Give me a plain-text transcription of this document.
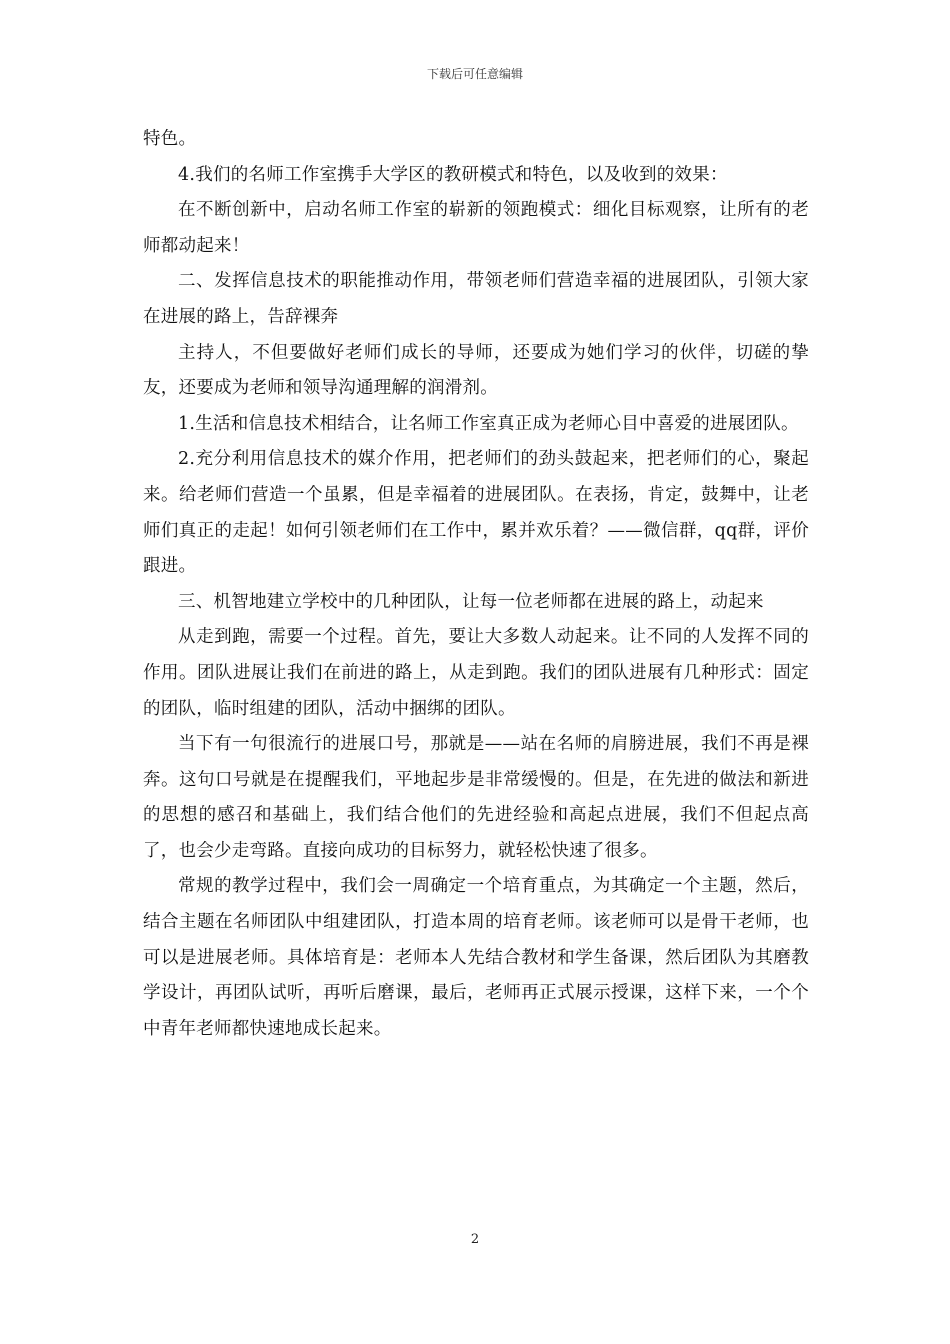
下载后可任意编辑

特色。

4.我们的名师工作室携手大学区的教研模式和特色，以及收到的效果：

在不断创新中，启动名师工作室的崭新的领跑模式：细化目标观察，让所有的老师都动起来！

二、发挥信息技术的职能推动作用，带领老师们营造幸福的进展团队，引领大家在进展的路上，告辞裸奔

主持人，不但要做好老师们成长的导师，还要成为她们学习的伙伴，切磋的挚友，还要成为老师和领导沟通理解的润滑剂。

1.生活和信息技术相结合，让名师工作室真正成为老师心目中喜爱的进展团队。

2.充分利用信息技术的媒介作用，把老师们的劲头鼓起来，把老师们的心，聚起来。给老师们营造一个虽累，但是幸福着的进展团队。在表扬，肯定，鼓舞中，让老师们真正的走起！如何引领老师们在工作中，累并欢乐着？——微信群，qq群，评价跟进。

三、机智地建立学校中的几种团队，让每一位老师都在进展的路上，动起来

从走到跑，需要一个过程。首先，要让大多数人动起来。让不同的人发挥不同的作用。团队进展让我们在前进的路上，从走到跑。我们的团队进展有几种形式：固定的团队，临时组建的团队，活动中捆绑的团队。

当下有一句很流行的进展口号，那就是——站在名师的肩膀进展，我们不再是裸奔。这句口号就是在提醒我们，平地起步是非常缓慢的。但是，在先进的做法和新进的思想的感召和基础上，我们结合他们的先进经验和高起点进展，我们不但起点高了，也会少走弯路。直接向成功的目标努力，就轻松快速了很多。

常规的教学过程中，我们会一周确定一个培育重点，为其确定一个主题，然后，结合主题在名师团队中组建团队，打造本周的培育老师。该老师可以是骨干老师，也可以是进展老师。具体培育是：老师本人先结合教材和学生备课，然后团队为其磨教学设计，再团队试听，再听后磨课，最后，老师再正式展示授课，这样下来，一个个中青年老师都快速地成长起来。

2
